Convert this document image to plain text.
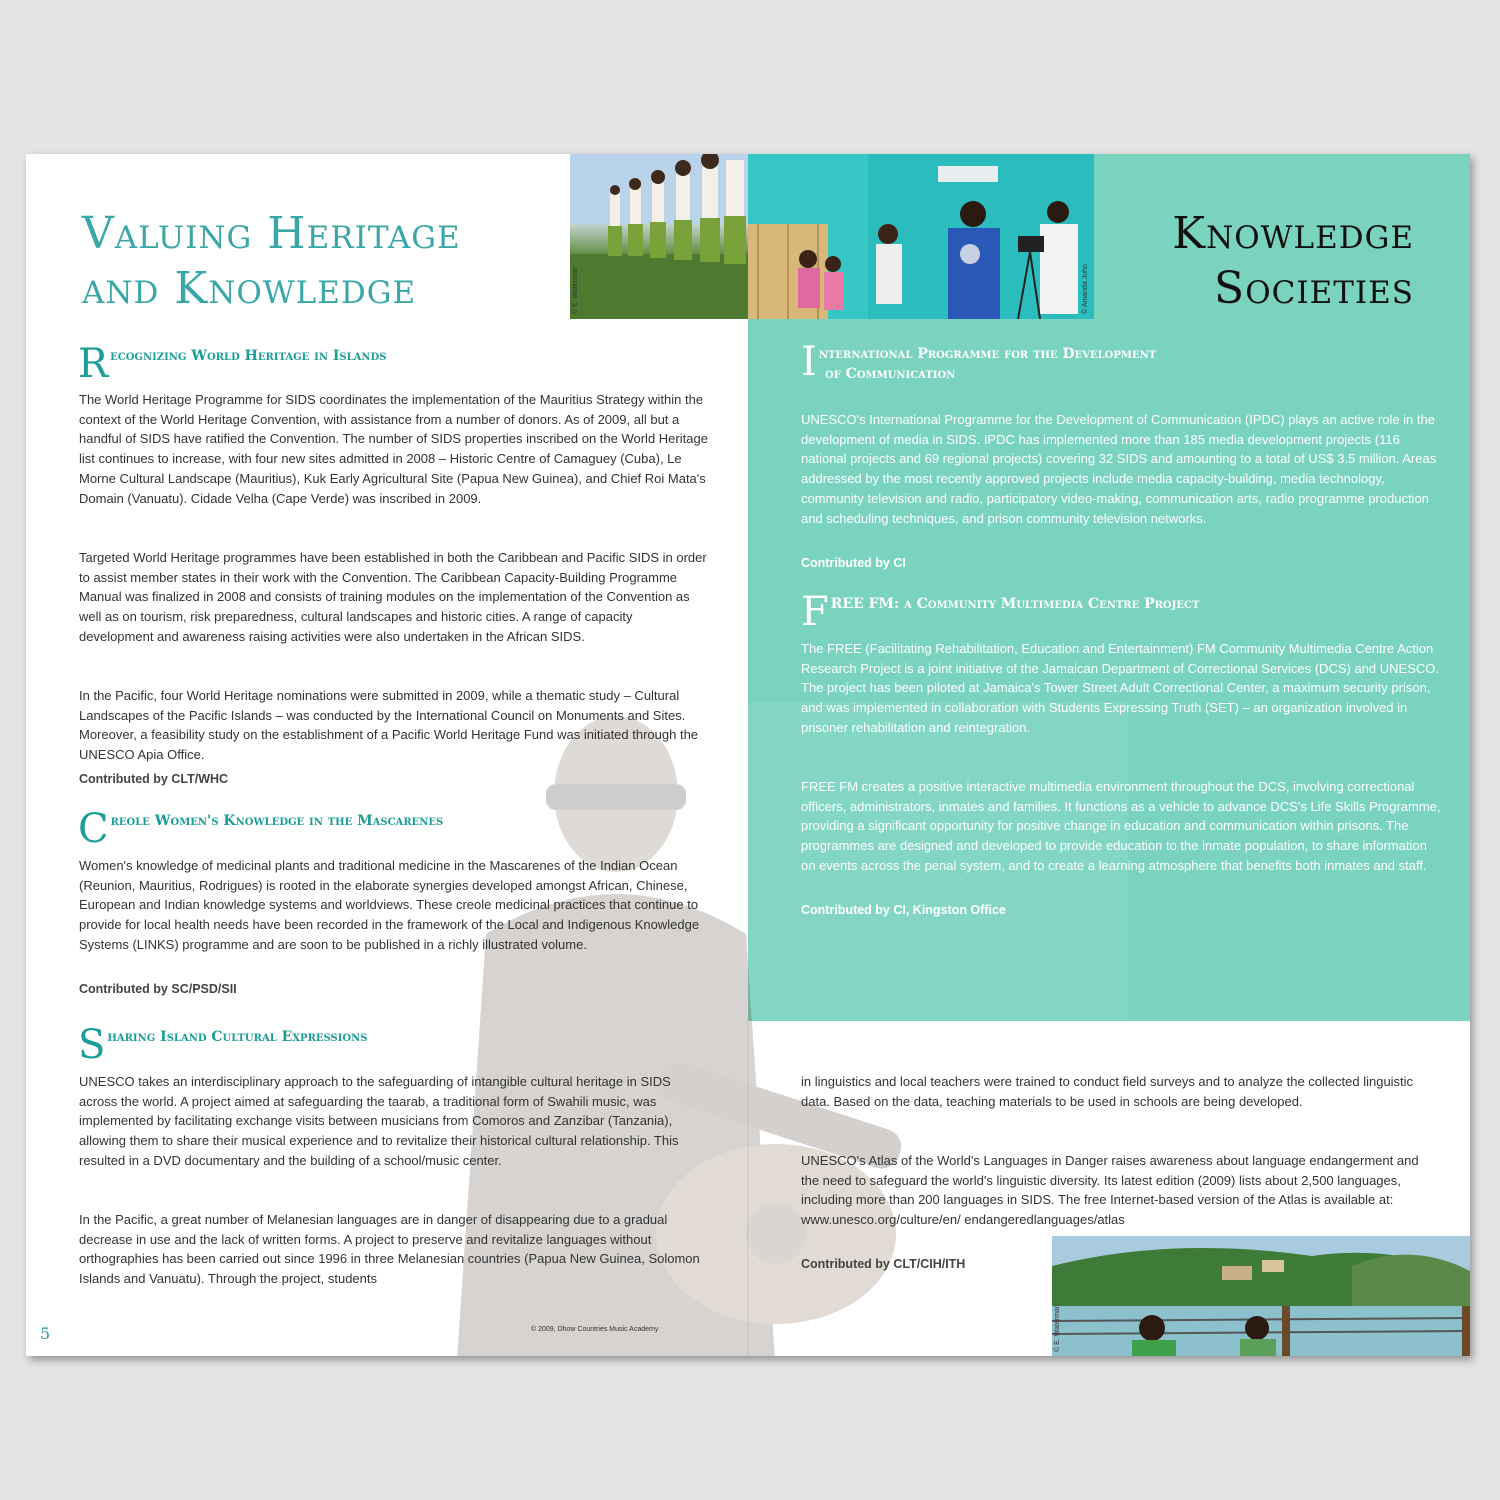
© E. Waterman	© Amanda John
© E. Waterman
Valuing Heritage
and Knowledge
Knowledge
Societies
R ecognizing World Heritage in Islands

The World Heritage Programme for SIDS coordinates the implementation of the Mauritius Strategy within the context of the World Heritage Convention, with assistance from a number of donors. As of 2009, all but a handful of SIDS have ratified the Convention. The number of SIDS properties inscribed on the World Heritage list continues to increase, with four new sites admitted in 2008 – Historic Centre of Camaguey (Cuba), Le Morne Cultural Landscape (Mauritius), Kuk Early Agricultural Site (Papua New Guinea), and Chief Roi Mata's Domain (Vanuatu). Cidade Velha (Cape Verde) was inscribed in 2009.

Targeted World Heritage programmes have been established in both the Caribbean and Pacific SIDS in order to assist member states in their work with the Convention. The Caribbean Capacity-Building Programme Manual was finalized in 2008 and consists of training modules on the implementation of the Convention as well as on tourism, risk preparedness, cultural landscapes and historic cities. A range of capacity development and awareness raising activities were also undertaken in the African SIDS.

In the Pacific, four World Heritage nominations were submitted in 2009, while a thematic study – Cultural Landscapes of the Pacific Islands – was conducted by the International Council on Monuments and Sites. Moreover, a feasibility study on the establishment of a Pacific World Heritage Fund was initiated through the UNESCO Apia Office.

Contributed by CLT/WHC

C reole Women's Knowledge in the Mascarenes

Women's knowledge of medicinal plants and traditional medicine in the Mascarenes of the Indian Ocean (Reunion, Mauritius, Rodrigues) is rooted in the elaborate synergies developed amongst African, Chinese, European and Indian knowledge systems and worldviews. These creole medicinal practices that continue to provide for local health needs have been recorded in the framework of the Local and Indigenous Knowledge Systems (LINKS) programme and are soon to be published in a richly illustrated volume.

Contributed by SC/PSD/SII

S haring Island Cultural Expressions

UNESCO takes an interdisciplinary approach to the safeguarding of intangible cultural heritage in SIDS across the world. A project aimed at safeguarding the taarab, a traditional form of Swahili music, was implemented by facilitating exchange visits between musicians from Comoros and Zanzibar (Tanzania), allowing them to share their musical experience and to revitalize their historical cultural relationship. This resulted in a DVD documentary and the building of a school/music center.

In the Pacific, a great number of Melanesian languages are in danger of disappearing due to a gradual decrease in use and the lack of written forms. A project to preserve and revitalize languages without orthographies has been carried out since 1996 in three Melanesian countries (Papua New Guinea, Solomon Islands and Vanuatu). Through the project, students

5	© 2009, Dhow Countries Music Academy
I nternational Programme for the Development
of Communication

UNESCO's International Programme for the Development of Communication (IPDC) plays an active role in the development of media in SIDS. IPDC has implemented more than 185 media development projects (116 national projects and 69 regional projects) covering 32 SIDS and amounting to a total of US$ 3.5 million. Areas addressed by the most recently approved projects include media capacity-building, media technology, community television and radio, participatory video-making, communication arts, radio programme production and scheduling techniques, and prison community television networks.

Contributed by CI

F REE FM: a Community Multimedia Centre Project

The FREE (Facilitating Rehabilitation, Education and Entertainment) FM Community Multimedia Centre Action Research Project is a joint initiative of the Jamaican Department of Correctional Services (DCS) and UNESCO. The project has been piloted at Jamaica's Tower Street Adult Correctional Center, a maximum security prison, and was implemented in collaboration with Students Expressing Truth (SET) – an organization involved in prisoner rehabilitation and reintegration.

FREE FM creates a positive interactive multimedia environment throughout the DCS, involving correctional officers, administrators, inmates and families. It functions as a vehicle to advance DCS's Life Skills Programme, providing a significant opportunity for positive change in education and communication within prisons. The programmes are designed and developed to provide education to the inmate population, to share information on events across the penal system, and to create a learning atmosphere that benefits both inmates and staff.

Contributed by CI, Kingston Office

in linguistics and local teachers were trained to conduct field surveys and to analyze the collected linguistic data. Based on the data, teaching materials to be used in schools are being developed.

UNESCO's Atlas of the World's Languages in Danger raises awareness about language endangerment and the need to safeguard the world's linguistic diversity. Its latest edition (2009) lists about 2,500 languages, including more than 200 languages in SIDS. The free Internet-based version of the Atlas is available at: www.unesco.org/culture/en/ endangeredlanguages/atlas

Contributed by CLT/CIH/ITH
